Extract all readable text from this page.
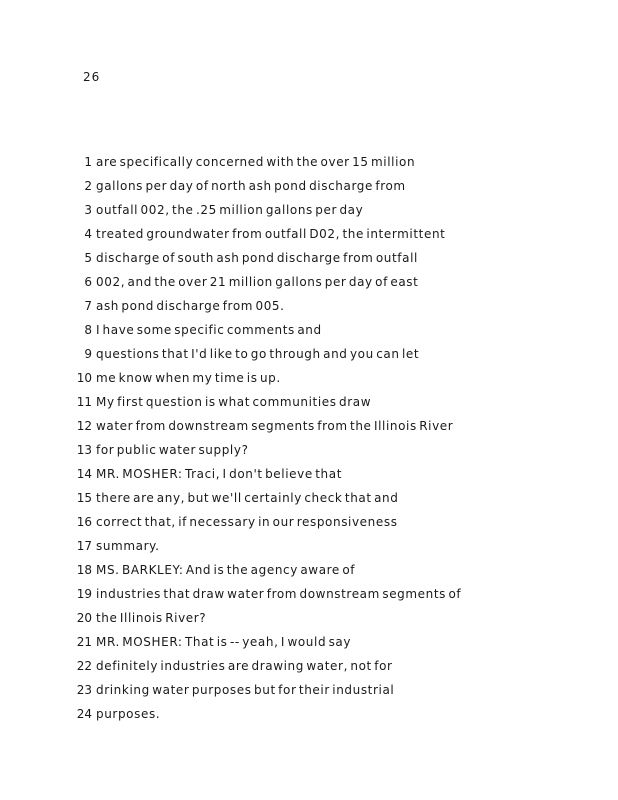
26
1 are specifically concerned with the over 15 million
2 gallons per day of north ash pond discharge from
3 outfall 002, the .25 million gallons per day
4 treated groundwater from outfall D02, the intermittent
5 discharge of south ash pond discharge from outfall
6 002, and the over 21 million gallons per day of east
7 ash pond discharge from 005.
8 I have some specific comments and
9 questions that I'd like to go through and you can let
10 me know when my time is up.
11 My first question is what communities draw
12 water from downstream segments from the Illinois River
13 for public water supply?
14 MR. MOSHER: Traci, I don't believe that
15 there are any, but we'll certainly check that and
16 correct that, if necessary in our responsiveness
17 summary.
18 MS. BARKLEY: And is the agency aware of
19 industries that draw water from downstream segments of
20 the Illinois River?
21 MR. MOSHER: That is -- yeah, I would say
22 definitely industries are drawing water, not for
23 drinking water purposes but for their industrial
24 purposes.
